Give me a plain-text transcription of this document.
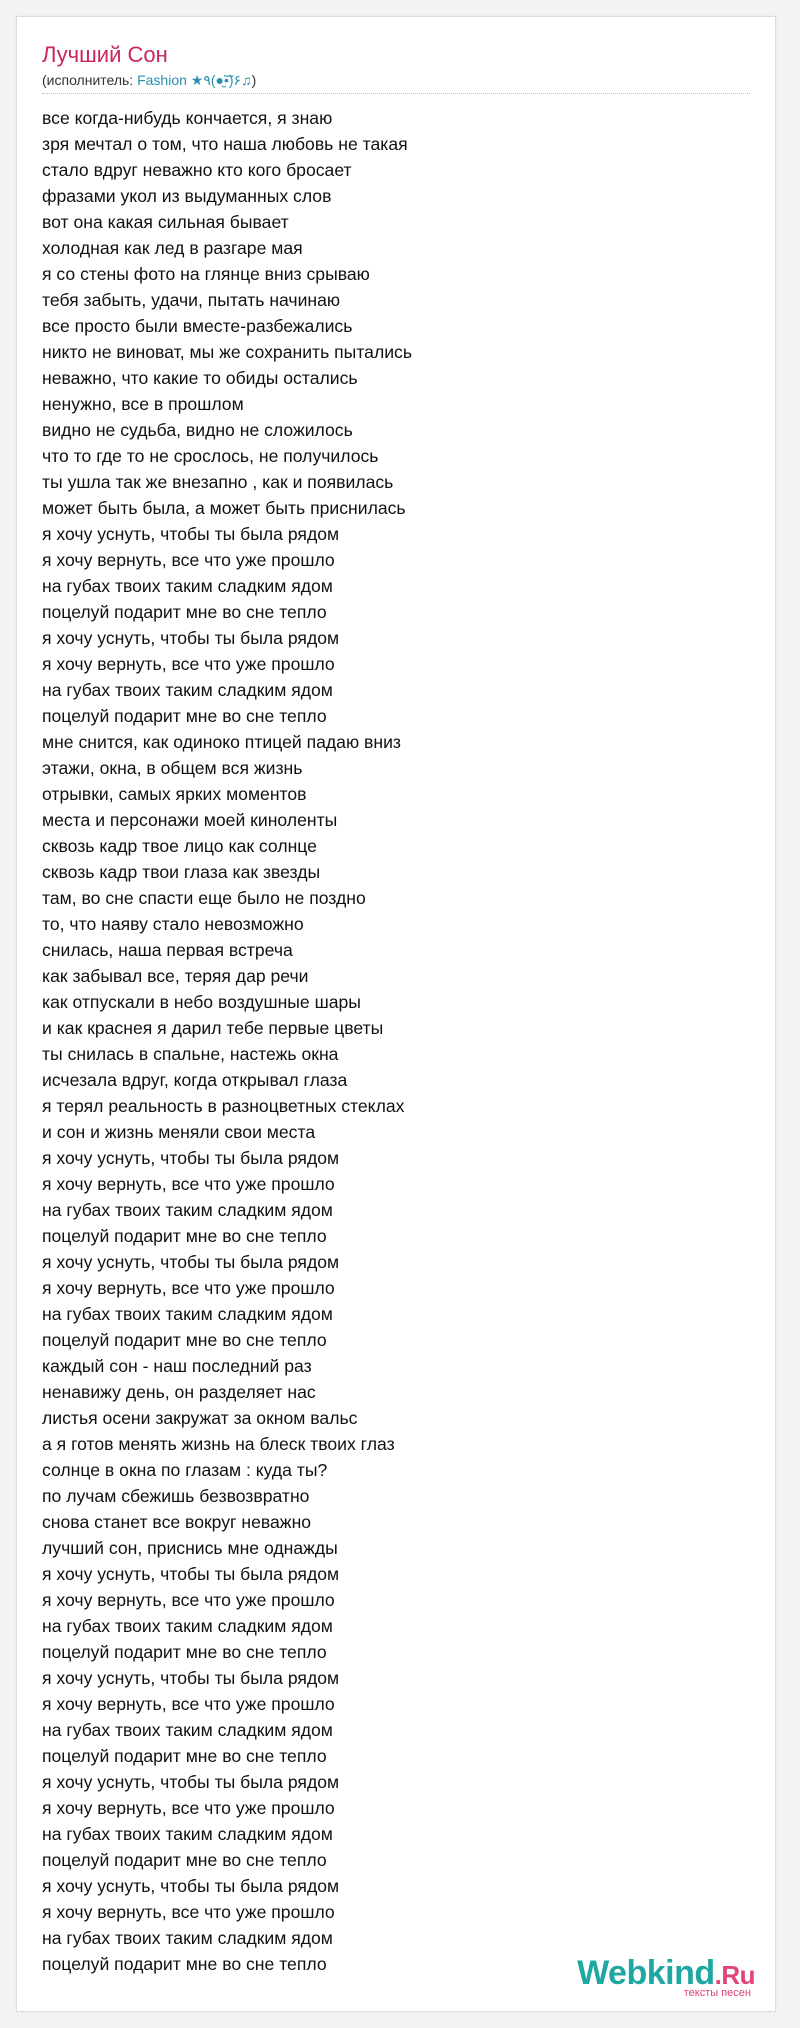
Лучший Сон
(исполнитель: Fashion ★٩(●̮̮̃•̃)۶♫)
все когда-нибудь кончается, я знаю
зря мечтал о том, что наша любовь не такая
стало вдруг неважно кто кого бросает
фразами укол из выдуманных слов
вот она какая сильная бывает
холодная как лед в разгаре мая
я со стены фото на глянце вниз срываю
тебя забыть, удачи, пытать начинаю
все просто были вместе-разбежались
никто не виноват, мы же сохранить пытались
неважно, что какие то обиды остались
ненужно, все в прошлом
видно не судьба, видно не сложилось
что то где то не срослось, не получилось
ты ушла так же внезапно , как и появилась
может быть была, а может быть приснилась
я хочу уснуть, чтобы ты была рядом
я хочу вернуть, все что уже прошло
на губах твоих таким сладким ядом
поцелуй подарит мне во сне тепло
я хочу уснуть, чтобы ты была рядом
я хочу вернуть, все что уже прошло
на губах твоих таким сладким ядом
поцелуй подарит мне во сне тепло
мне снится, как одиноко птицей падаю вниз
этажи, окна, в общем вся жизнь
отрывки, самых ярких моментов
места и персонажи моей киноленты
сквозь кадр твое лицо как солнце
сквозь кадр твои глаза как звезды
там, во сне спасти еще было не поздно
то, что наяву стало невозможно
снилась, наша первая встреча
как забывал все, теряя дар речи
как отпускали в небо воздушные шары
и как краснея я дарил тебе первые цветы
ты снилась в спальне, настежь окна
исчезала вдруг, когда открывал глаза
я терял реальность в разноцветных стеклах
и сон и жизнь меняли свои места
я хочу уснуть, чтобы ты была рядом
я хочу вернуть, все что уже прошло
на губах твоих таким сладким ядом
поцелуй подарит мне во сне тепло
я хочу уснуть, чтобы ты была рядом
я хочу вернуть, все что уже прошло
на губах твоих таким сладким ядом
поцелуй подарит мне во сне тепло
каждый сон - наш последний раз
ненавижу день, он разделяет нас
листья осени закружат за окном вальс
а я готов менять жизнь на блеск твоих глаз
солнце в окна по глазам : куда ты?
по лучам сбежишь безвозвратно
снова станет все вокруг неважно
лучший сон, приснись мне однажды
я хочу уснуть, чтобы ты была рядом
я хочу вернуть, все что уже прошло
на губах твоих таким сладким ядом
поцелуй подарит мне во сне тепло
я хочу уснуть, чтобы ты была рядом
я хочу вернуть, все что уже прошло
на губах твоих таким сладким ядом
поцелуй подарит мне во сне тепло
я хочу уснуть, чтобы ты была рядом
я хочу вернуть, все что уже прошло
на губах твоих таким сладким ядом
поцелуй подарит мне во сне тепло
я хочу уснуть, чтобы ты была рядом
я хочу вернуть, все что уже прошло
на губах твоих таким сладким ядом
поцелуй подарит мне во сне тепло	Webkind.Ru
тексты песен
